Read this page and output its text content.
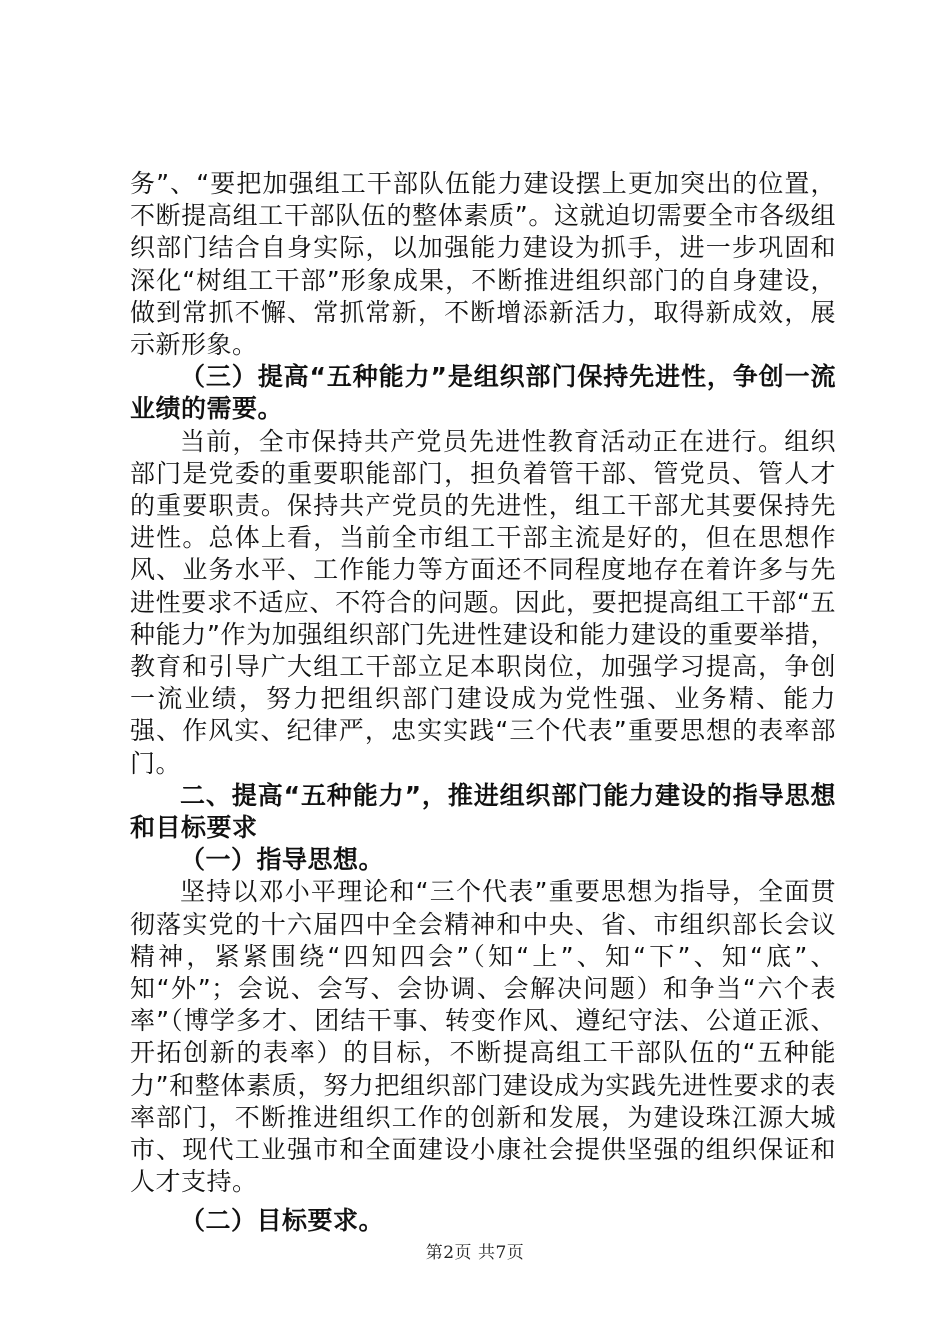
务”、“要把加强组工干部队伍能力建设摆上更加突出的位置，不断提高组工干部队伍的整体素质”。这就迫切需要全市各级组织部门结合自身实际，以加强能力建设为抓手，进一步巩固和深化“树组工干部”形象成果，不断推进组织部门的自身建设，做到常抓不懈、常抓常新，不断增添新活力，取得新成效，展示新形象。

（三）提高“五种能力”是组织部门保持先进性，争创一流业绩的需要。

当前，全市保持共产党员先进性教育活动正在进行。组织部门是党委的重要职能部门，担负着管干部、管党员、管人才的重要职责。保持共产党员的先进性，组工干部尤其要保持先进性。总体上看，当前全市组工干部主流是好的，但在思想作风、业务水平、工作能力等方面还不同程度地存在着许多与先进性要求不适应、不符合的问题。因此，要把提高组工干部“五种能力”作为加强组织部门先进性建设和能力建设的重要举措，教育和引导广大组工干部立足本职岗位，加强学习提高，争创一流业绩，努力把组织部门建设成为党性强、业务精、能力强、作风实、纪律严，忠实实践“三个代表”重要思想的表率部门。

二、提高“五种能力”，推进组织部门能力建设的指导思想和目标要求

（一）指导思想。

坚持以邓小平理论和“三个代表”重要思想为指导，全面贯彻落实党的十六届四中全会精神和中央、省、市组织部长会议精神，紧紧围绕“四知四会”（知“上”、知“下”、知“底”、知“外”；会说、会写、会协调、会解决问题）和争当“六个表率”（博学多才、团结干事、转变作风、遵纪守法、公道正派、开拓创新的表率）的目标，不断提高组工干部队伍的“五种能力”和整体素质，努力把组织部门建设成为实践先进性要求的表率部门，不断推进组织工作的创新和发展，为建设珠江源大城市、现代工业强市和全面建设小康社会提供坚强的组织保证和人才支持。

（二）目标要求。

第2页 共7页
